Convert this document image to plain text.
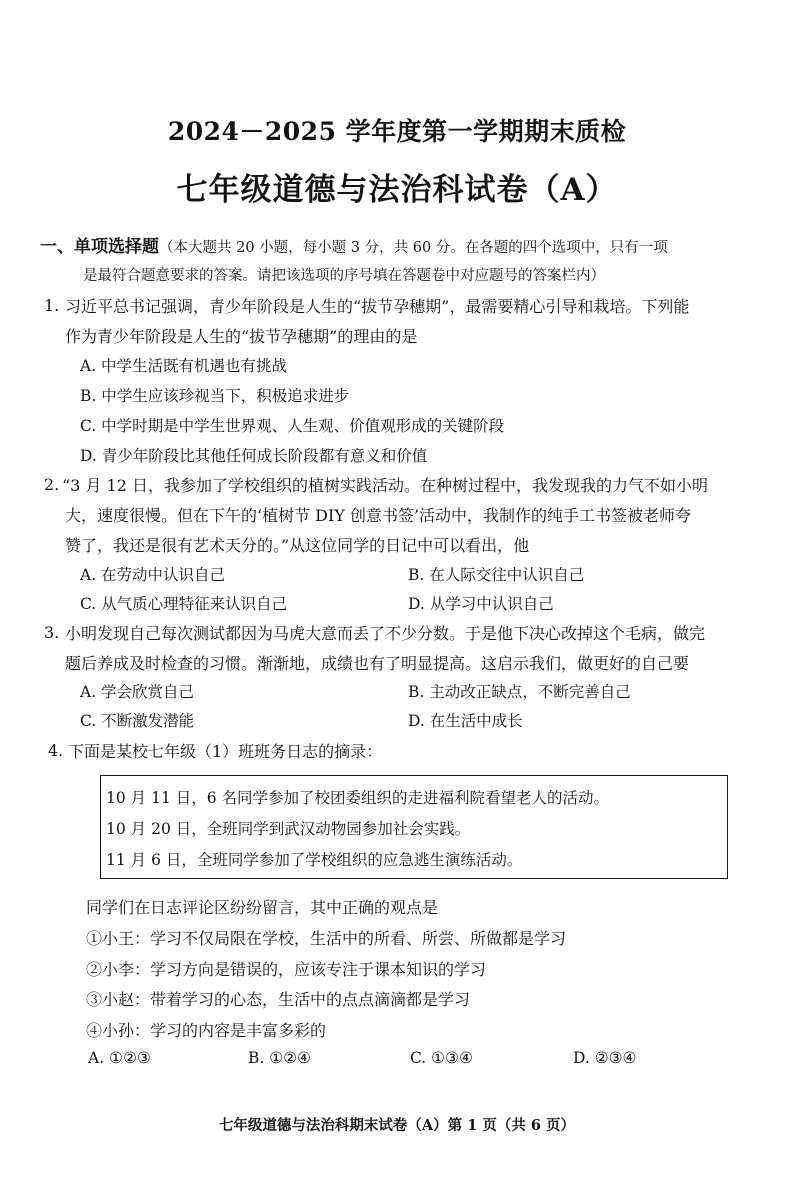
2024－2025 学年度第一学期期末质检
七年级道德与法治科试卷（A）
一、单项选择题（本大题共 20 小题，每小题 3 分，共 60 分。在各题的四个选项中，只有一项
是最符合题意要求的答案。请把该选项的序号填在答题卷中对应题号的答案栏内）
1. 习近平总书记强调，青少年阶段是人生的“拔节孕穗期”，最需要精心引导和栽培。下列能
作为青少年阶段是人生的“拔节孕穗期”的理由的是
A. 中学生活既有机遇也有挑战
B. 中学生应该珍视当下，积极追求进步
C. 中学时期是中学生世界观、人生观、价值观形成的关键阶段
D. 青少年阶段比其他任何成长阶段都有意义和价值
2. “3 月 12 日，我参加了学校组织的植树实践活动。在种树过程中，我发现我的力气不如小明
大，速度很慢。但在下午的‘植树节 DIY 创意书签’活动中，我制作的纯手工书签被老师夸
赞了，我还是很有艺术天分的。”从这位同学的日记中可以看出，他
A. 在劳动中认识自己	B. 在人际交往中认识自己
C. 从气质心理特征来认识自己	D. 从学习中认识自己
3. 小明发现自己每次测试都因为马虎大意而丢了不少分数。于是他下决心改掉这个毛病，做完
题后养成及时检查的习惯。渐渐地，成绩也有了明显提高。这启示我们，做更好的自己要
A. 学会欣赏自己	B. 主动改正缺点，不断完善自己
C. 不断激发潜能	D. 在生活中成长
4. 下面是某校七年级（1）班班务日志的摘录：
10 月 11 日，6 名同学参加了校团委组织的走进福利院看望老人的活动。
10 月 20 日，全班同学到武汉动物园参加社会实践。
11 月 6 日，全班同学参加了学校组织的应急逃生演练活动。
同学们在日志评论区纷纷留言，其中正确的观点是
①小王：学习不仅局限在学校，生活中的所看、所尝、所做都是学习
②小李：学习方向是错误的，应该专注于课本知识的学习
③小赵：带着学习的心态，生活中的点点滴滴都是学习
④小孙：学习的内容是丰富多彩的
A. ①②③	B. ①②④	C. ①③④	D. ②③④
七年级道德与法治科期末试卷（A）第 1 页（共 6 页）
